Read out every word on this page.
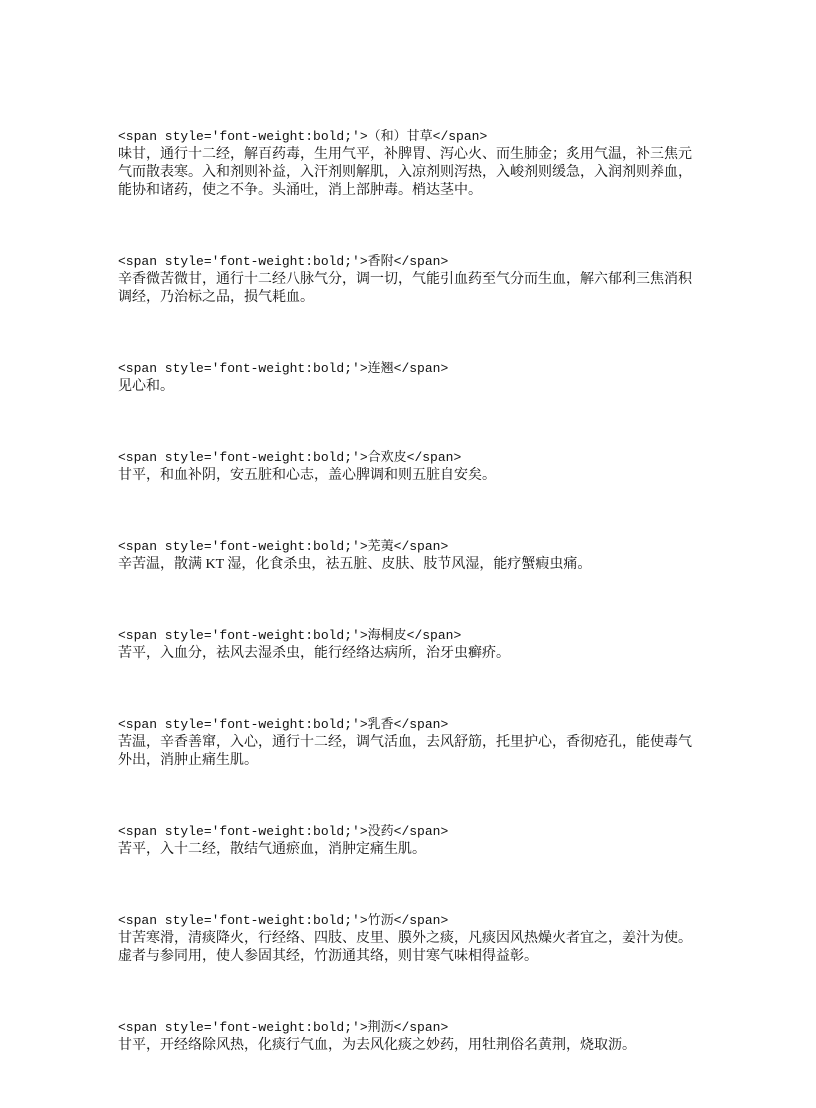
<span style='font-weight:bold;'>（和）甘草</span>
味甘，通行十二经，解百药毒，生用气平，补脾胃、泻心火、而生肺金；炙用气温，补三焦元
气而散表寒。入和剂则补益，入汗剂则解肌，入凉剂则泻热，入峻剂则缓急，入润剂则养血，
能协和诸药，使之不争。头涌吐，消上部肿毒。梢达茎中。
<span style='font-weight:bold;'>香附</span>
辛香微苦微甘，通行十二经八脉气分，调一切，气能引血药至气分而生血，解六郁利三焦消积
调经，乃治标之品，损气耗血。
<span style='font-weight:bold;'>连翘</span>
见心和。
<span style='font-weight:bold;'>合欢皮</span>
甘平，和血补阴，安五脏和心志，盖心脾调和则五脏自安矣。
<span style='font-weight:bold;'>芜荑</span>
辛苦温，散满 KT 湿，化食杀虫，祛五脏、皮肤、肢节风湿，能疗蟹瘕虫痛。
<span style='font-weight:bold;'>海桐皮</span>
苦平，入血分，祛风去湿杀虫，能行经络达病所，治牙虫癣疥。
<span style='font-weight:bold;'>乳香</span>
苦温，辛香善窜，入心，通行十二经，调气活血，去风舒筋，托里护心，香彻疮孔，能使毒气
外出，消肿止痛生肌。
<span style='font-weight:bold;'>没药</span>
苦平，入十二经，散结气通瘀血，消肿定痛生肌。
<span style='font-weight:bold;'>竹沥</span>
甘苦寒滑，清痰降火，行经络、四肢、皮里、膜外之痰，凡痰因风热燥火者宜之，姜汁为使。
虚者与参同用，使人参固其经，竹沥通其络，则甘寒气味相得益彰。
<span style='font-weight:bold;'>荆沥</span>
甘平，开经络除风热，化痰行气血，为去风化痰之妙药，用牡荆俗名黄荆，烧取沥。
